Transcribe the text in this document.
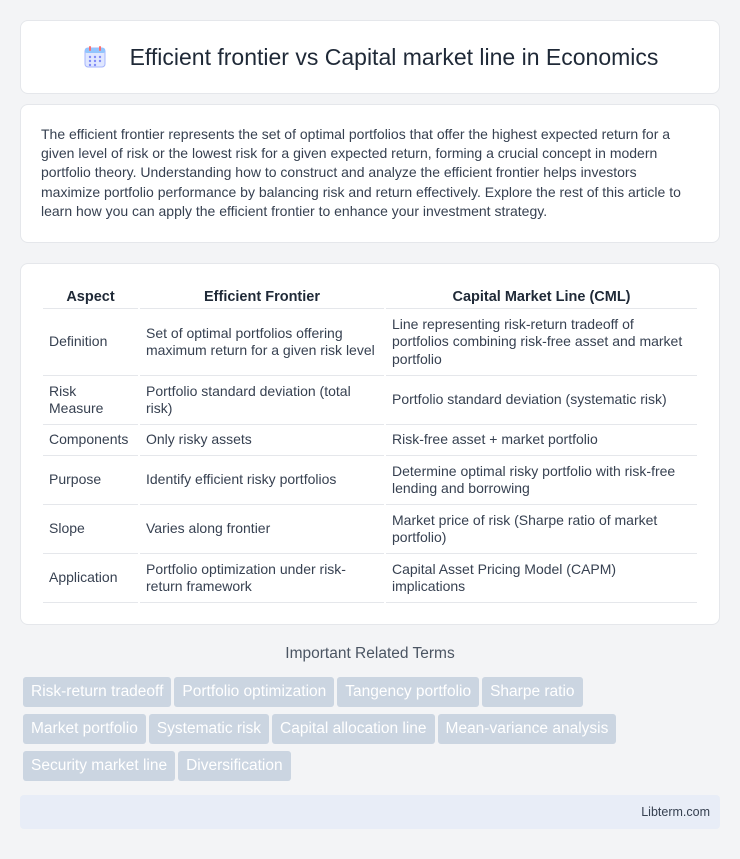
Efficient frontier vs Capital market line in Economics

The efficient frontier represents the set of optimal portfolios that offer the highest expected return for a given level of risk or the lowest risk for a given expected return, forming a crucial concept in modern portfolio theory. Understanding how to construct and analyze the efficient frontier helps investors maximize portfolio performance by balancing risk and return effectively. Explore the rest of this article to learn how you can apply the efficient frontier to enhance your investment strategy.

Aspect	Efficient Frontier	Capital Market Line (CML)
Definition	Set of optimal portfolios offering maximum return for a given risk level	Line representing risk-return tradeoff of portfolios combining risk-free asset and market portfolio
Risk Measure	Portfolio standard deviation (total risk)	Portfolio standard deviation (systematic risk)
Components	Only risky assets	Risk-free asset + market portfolio
Purpose	Identify efficient risky portfolios	Determine optimal risky portfolio with risk-free lending and borrowing
Slope	Varies along frontier	Market price of risk (Sharpe ratio of market portfolio)
Application	Portfolio optimization under risk-return framework	Capital Asset Pricing Model (CAPM) implications
Important Related Terms
Risk-return tradeoff Portfolio optimization Tangency portfolio Sharpe ratio
Market portfolio Systematic risk Capital allocation line Mean-variance analysis
Security market line Diversification
Libterm.com
